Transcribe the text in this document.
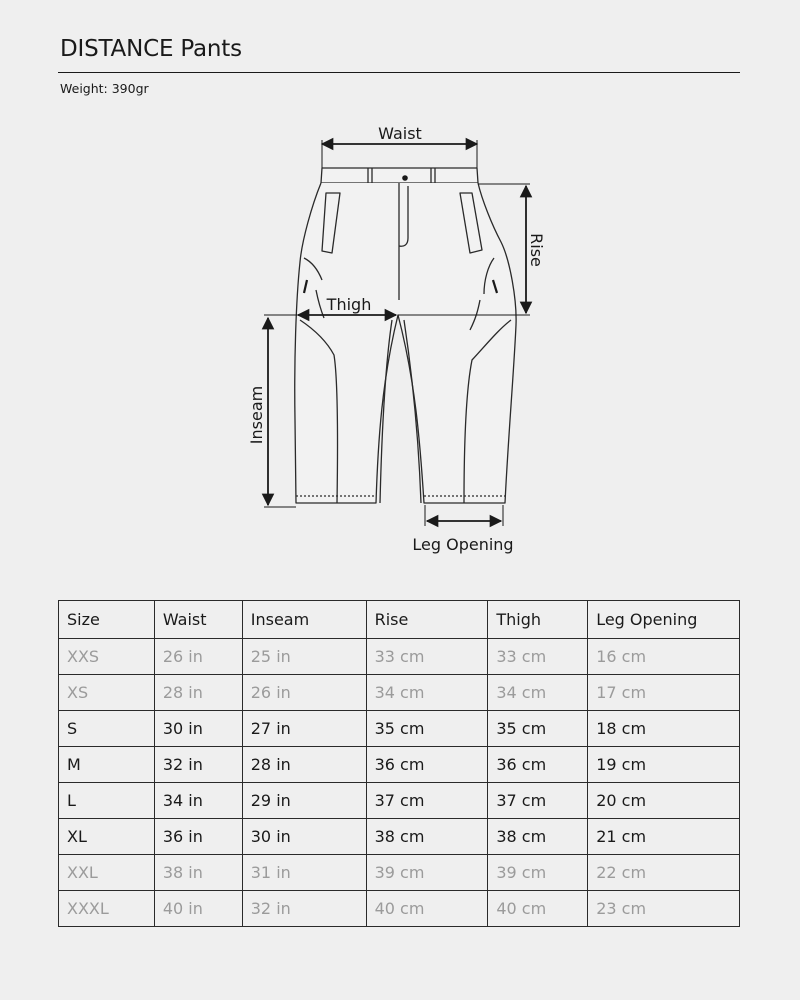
DISTANCE Pants
Weight: 390gr
Waist
Rise
Thigh
Inseam
Leg Opening
Size	Waist	Inseam	Rise	Thigh	Leg Opening
XXS	26 in	25 in	33 cm	33 cm	16 cm
XS	28 in	26 in	34 cm	34 cm	17 cm
S	30 in	27 in	35 cm	35 cm	18 cm
M	32 in	28 in	36 cm	36 cm	19 cm
L	34 in	29 in	37 cm	37 cm	20 cm
XL	36 in	30 in	38 cm	38 cm	21 cm
XXL	38 in	31 in	39 cm	39 cm	22 cm
XXXL	40 in	32 in	40 cm	40 cm	23 cm
